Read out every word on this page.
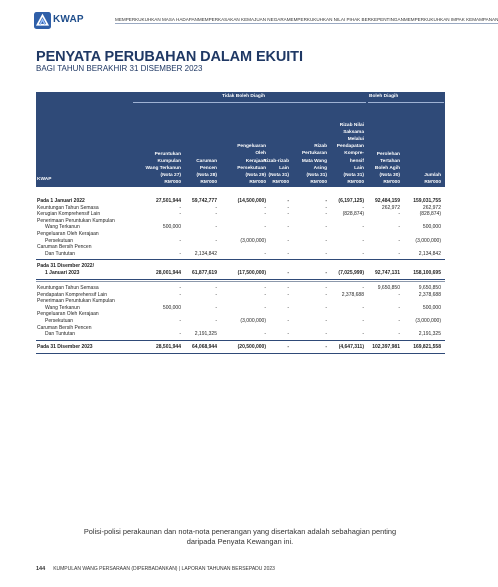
KWAP	MEMPERKUKUHKAN MASA HADAPAN MEMPERKASAKAN KEMAJUAN NEGARA MEMPERKUKUHKAN NILAI PIHAK BERKEPENTINGAN MEMPERKUKUHKAN IMPAK KEMAMPANAN
PENYATA PERUBAHAN DALAM EKUITI
BAGI TAHUN BERAKHIR 31 DISEMBER 2023
Tidak Boleh Diagih	Boleh Diagih
KWAP
Peruntukan
Kumpulan
Wang Terkanun
(Nota 27)
RM'000
Caruman
Pencen
(Nota 28)
RM'000
Pengeluaran
Oleh
Kerajaan
Persekutuan
(Nota 29)
RM'000
Rizab-rizab
Lain
(Nota 31)
RM'000
Rizab
Pertukaran
Mata Wang
Asing
(Nota 31)
RM'000
Rizab Nilai
Saksama
Melalui
Pendapatan
Kompre-
hensif
Lain
(Nota 31)
RM'000
Perolehan
Tertahan
Boleh Agih
(Nota 30)
RM'000
Jumlah
RM'000
Pada 1 Januari 2022	27,501,944	59,742,777	(14,500,000)	-	-	(6,197,125)	92,484,159	159,031,755
Keuntungan Tahun Semasa	-	-	-	-	-	-	262,972	262,972
Kerugian Komprehensif Lain	-	-	-	-	-	(828,874)	-	(828,874)
Penerimaan Peruntukan Kumpulan
Wang Terkanun	500,000	-	-	-	-	-	-	500,000
Pengeluaran Oleh Kerajaan
Persekutuan	-	-	(3,000,000)	-	-	-	-	(3,000,000)
Caruman Bersih Pencen
Dan Tuntutan	-	2,134,842	-	-	-	-	-	2,134,842
Pada 31 Disember 2022/
1 Januari 2023	28,001,944	61,877,619	(17,500,000)	-	-	(7,025,999)	92,747,131	158,100,695
Keuntungan Tahun Semasa	-	-	-	-	-	-	9,650,850	9,650,850
Pendapatan Komprehensif Lain	-	-	-	-	-	2,378,688	-	2,378,688
Penerimaan Peruntukan Kumpulan
Wang Terkanun	500,000	-	-	-	-	-	-	500,000
Pengeluaran Oleh Kerajaan
Persekutuan	-	-	(3,000,000)	-	-	-	-	(3,000,000)
Caruman Bersih Pencen
Dan Tuntutan	-	2,191,325	-	-	-	-	-	2,191,325
Pada 31 Disember 2023	28,501,944	64,068,944	(20,500,000)	-	-	(4,647,311)	102,397,981	169,821,558
Polisi-polisi perakaunan dan nota-nota penerangan yang disertakan adalah sebahagian penting
daripada Penyata Kewangan ini.
144 KUMPULAN WANG PERSARAAN (DIPERBADANKAN) | LAPORAN TAHUNAN BERSEPADU 2023
